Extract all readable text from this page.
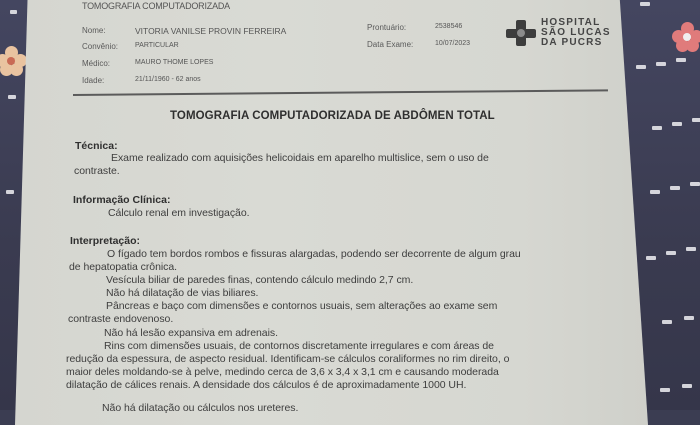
TOMOGRAFIA COMPUTADORIZADA
Nome:	VITORIA VANILSE PROVIN FERREIRA
Convênio: PARTICULAR
Médico:	MAURO THOME LOPES
Idade:	21/11/1960 - 62 anos
Prontuário:	2538546
Data Exame:	10/07/2023
HOSPITAL
SÃO LUCAS
DA PUCRS
TOMOGRAFIA COMPUTADORIZADA DE ABDÔMEN TOTAL
Técnica:
Exame realizado com aquisições helicoidais em aparelho multislice, sem o uso de
contraste.
Informação Clínica:
Cálculo renal em investigação.
Interpretação:
O fígado tem bordos rombos e fissuras alargadas, podendo ser decorrente de algum grau
de hepatopatia crônica.
Vesícula biliar de paredes finas, contendo cálculo medindo 2,7 cm.
Não há dilatação de vias biliares.
Pâncreas e baço com dimensões e contornos usuais, sem alterações ao exame sem
contraste endovenoso.
Não há lesão expansiva em adrenais.
Rins com dimensões usuais, de contornos discretamente irregulares e com áreas de
redução da espessura, de aspecto residual. Identificam-se cálculos coraliformes no rim direito, o
maior deles moldando-se à pelve, medindo cerca de 3,6 x 3,4 x 3,1 cm e causando moderada
dilatação de cálices renais. A densidade dos cálculos é de aproximadamente 1000 UH.
Não há dilatação ou cálculos nos ureteres.
